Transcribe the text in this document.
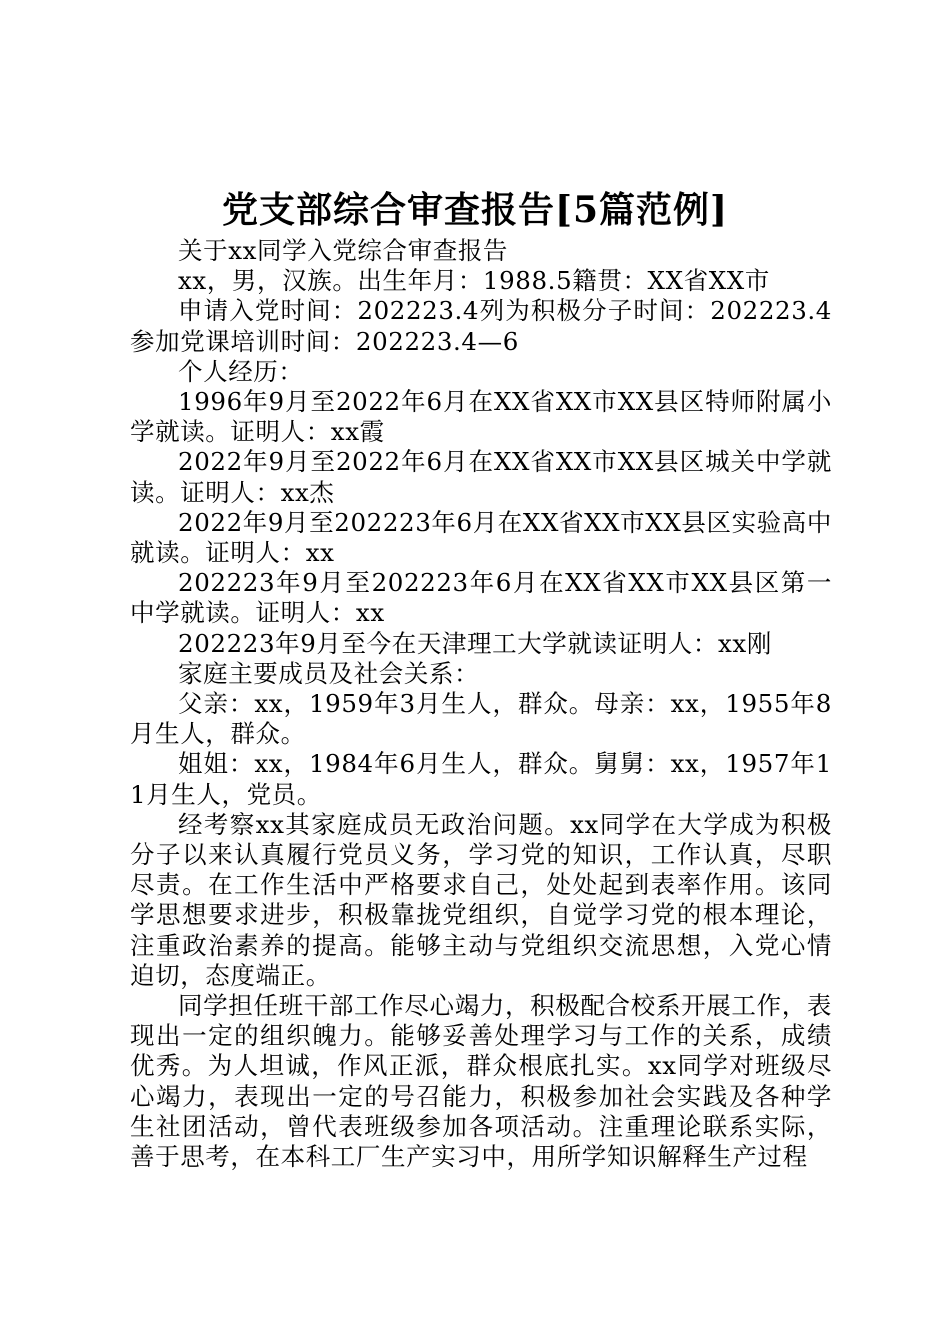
党支部综合审查报告[5篇范例]

关于xx同学入党综合审查报告

xx，男，汉族。出生年月：1988.5籍贯：XX省XX市

申请入党时间：202223.4列为积极分子时间：202223.4参加党课培训时间：202223.4—6

个人经历：

1996年9月至2022年6月在XX省XX市XX县区特师附属小学就读。证明人：xx霞

2022年9月至2022年6月在XX省XX市XX县区城关中学就读。证明人：xx杰

2022年9月至202223年6月在XX省XX市XX县区实验高中就读。证明人：xx

202223年9月至202223年6月在XX省XX市XX县区第一中学就读。证明人：xx

202223年9月至今在天津理工大学就读证明人：xx刚

家庭主要成员及社会关系：

父亲：xx，1959年3月生人，群众。母亲：xx，1955年8月生人，群众。

姐姐：xx，1984年6月生人，群众。舅舅：xx，1957年11月生人，党员。

经考察xx其家庭成员无政治问题。xx同学在大学成为积极分子以来认真履行党员义务，学习党的知识，工作认真，尽职尽责。在工作生活中严格要求自己，处处起到表率作用。该同学思想要求进步，积极靠拢党组织，自觉学习党的根本理论，注重政治素养的提高。能够主动与党组织交流思想，入党心情迫切，态度端正。

同学担任班干部工作尽心竭力，积极配合校系开展工作，表现出一定的组织魄力。能够妥善处理学习与工作的关系，成绩优秀。为人坦诚，作风正派，群众根底扎实。xx同学对班级尽心竭力，表现出一定的号召能力，积极参加社会实践及各种学生社团活动，曾代表班级参加各项活动。注重理论联系实际，善于思考，在本科工厂生产实习中，用所学知识解释生产过程
